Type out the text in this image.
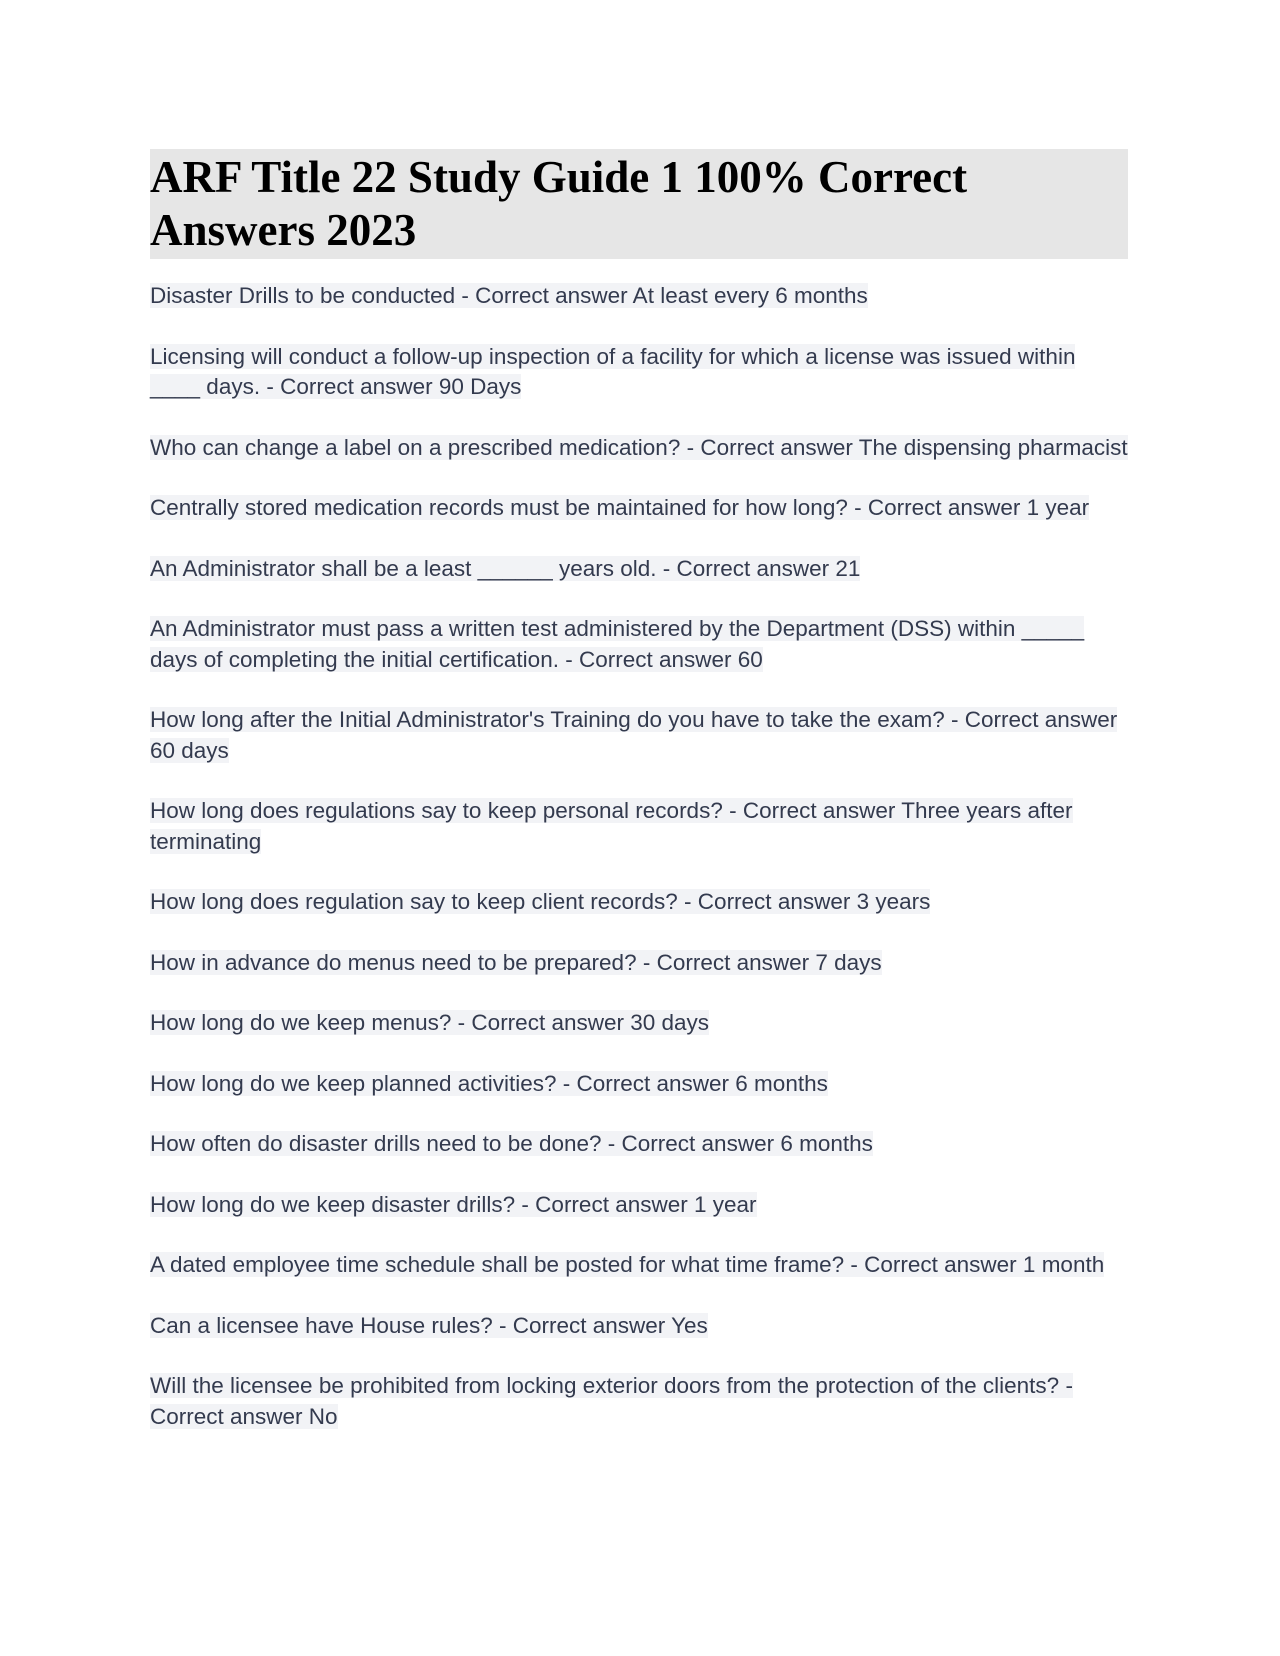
ARF Title 22 Study Guide 1 100% Correct Answers 2023
Disaster Drills to be conducted - Correct answer At least every 6 months
Licensing will conduct a follow-up inspection of a facility for which a license was issued within ____ days. - Correct answer 90 Days
Who can change a label on a prescribed medication? - Correct answer The dispensing pharmacist
Centrally stored medication records must be maintained for how long? - Correct answer 1 year
An Administrator shall be a least ______ years old. - Correct answer 21
An Administrator must pass a written test administered by the Department (DSS) within _____ days of completing the initial certification. - Correct answer 60
How long after the Initial Administrator's Training do you have to take the exam? - Correct answer 60 days
How long does regulations say to keep personal records? - Correct answer Three years after terminating
How long does regulation say to keep client records? - Correct answer 3 years
How in advance do menus need to be prepared? - Correct answer 7 days
How long do we keep menus? - Correct answer 30 days
How long do we keep planned activities? - Correct answer 6 months
How often do disaster drills need to be done? - Correct answer 6 months
How long do we keep disaster drills? - Correct answer 1 year
A dated employee time schedule shall be posted for what time frame? - Correct answer 1 month
Can a licensee have House rules? - Correct answer Yes
Will the licensee be prohibited from locking exterior doors from the protection of the clients? - Correct answer No
